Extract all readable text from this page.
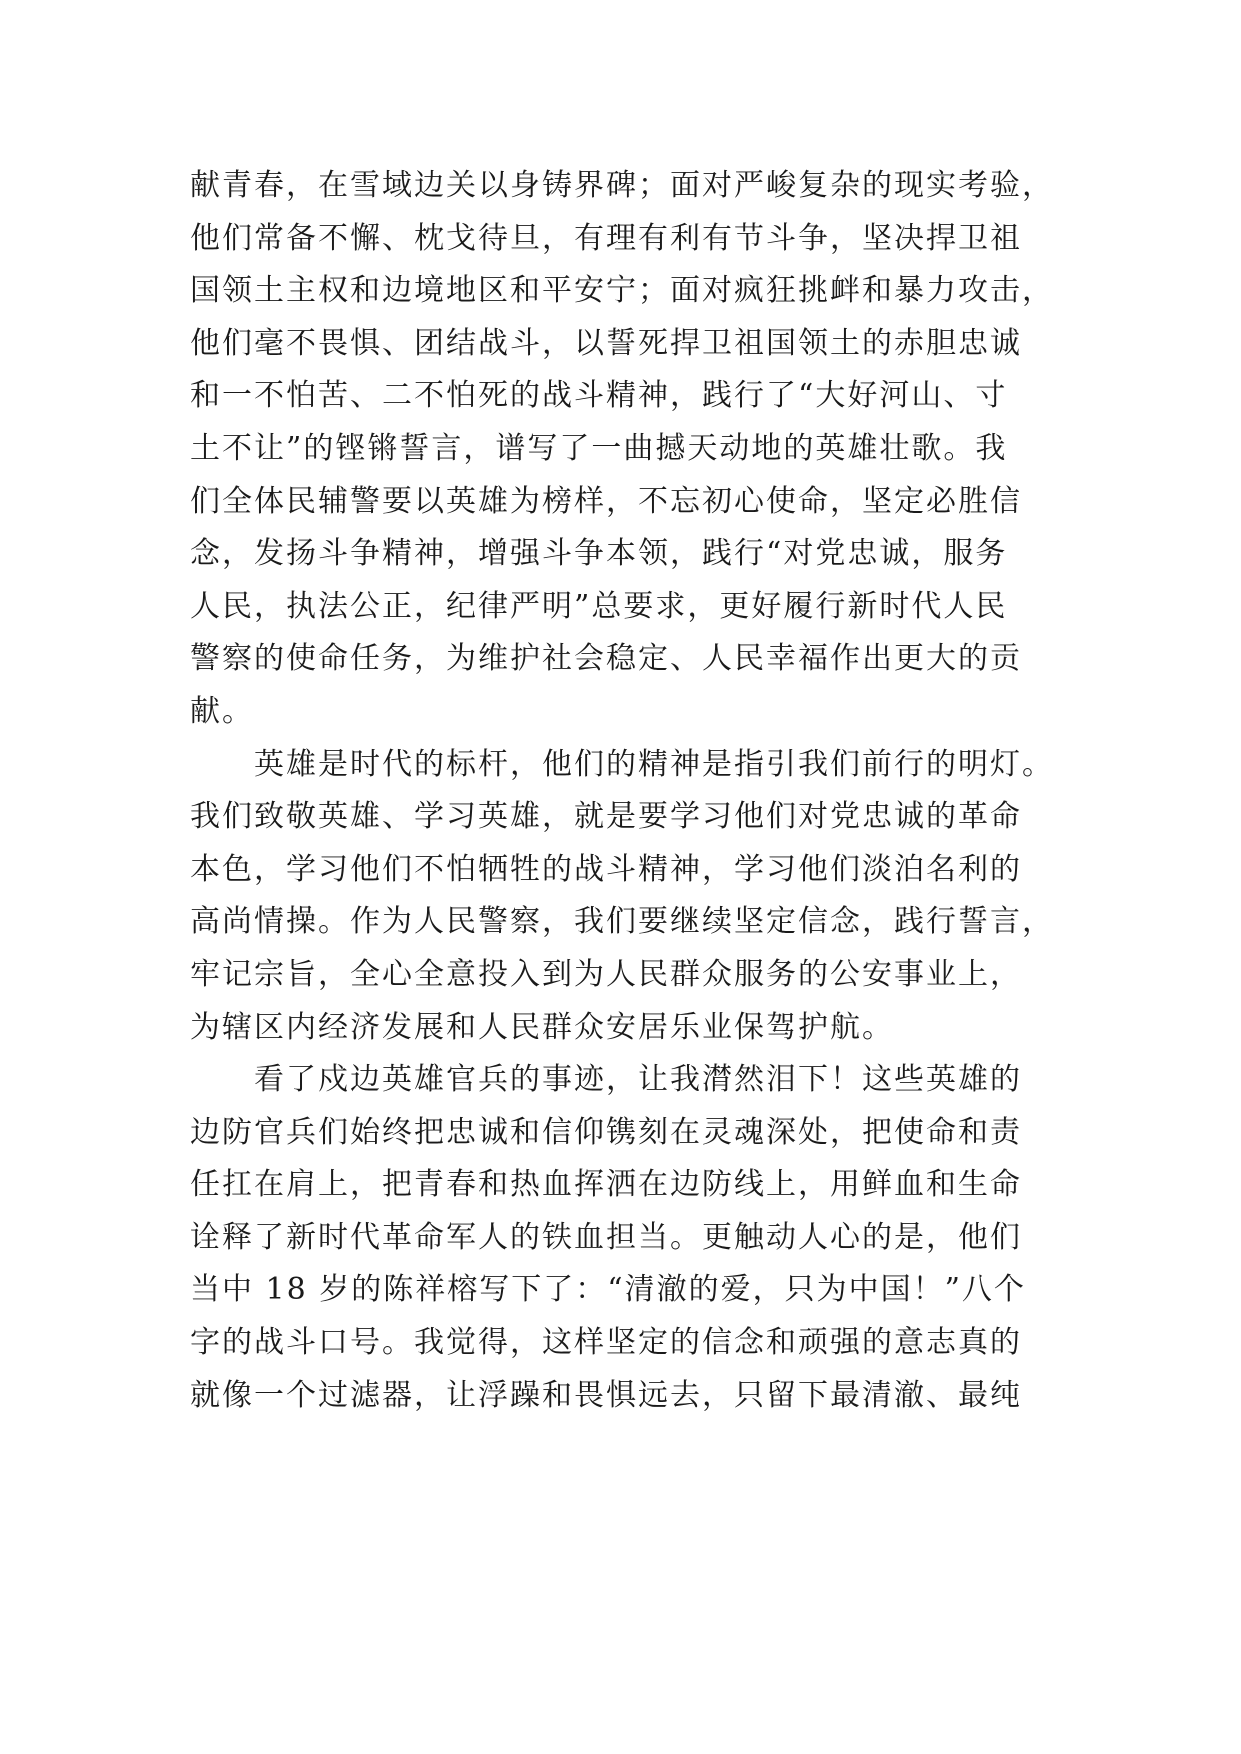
献青春，在雪域边关以身铸界碑；面对严峻复杂的现实考验，
他们常备不懈、枕戈待旦，有理有利有节斗争，坚决捍卫祖
国领土主权和边境地区和平安宁；面对疯狂挑衅和暴力攻击，
他们毫不畏惧、团结战斗，以誓死捍卫祖国领土的赤胆忠诚
和一不怕苦、二不怕死的战斗精神，践行了“大好河山、寸
土不让”的铿锵誓言，谱写了一曲撼天动地的英雄壮歌。我
们全体民辅警要以英雄为榜样，不忘初心使命，坚定必胜信
念，发扬斗争精神，增强斗争本领，践行“对党忠诚，服务
人民，执法公正，纪律严明”总要求，更好履行新时代人民
警察的使命任务，为维护社会稳定、人民幸福作出更大的贡
献。
　　英雄是时代的标杆，他们的精神是指引我们前行的明灯。
我们致敬英雄、学习英雄，就是要学习他们对党忠诚的革命
本色，学习他们不怕牺牲的战斗精神，学习他们淡泊名利的
高尚情操。作为人民警察，我们要继续坚定信念，践行誓言，
牢记宗旨，全心全意投入到为人民群众服务的公安事业上，
为辖区内经济发展和人民群众安居乐业保驾护航。
　　看了戍边英雄官兵的事迹，让我潸然泪下！这些英雄的
边防官兵们始终把忠诚和信仰镌刻在灵魂深处，把使命和责
任扛在肩上，把青春和热血挥洒在边防线上，用鲜血和生命
诠释了新时代革命军人的铁血担当。更触动人心的是，他们
当中 18 岁的陈祥榕写下了：“清澈的爱，只为中国！”八个
字的战斗口号。我觉得，这样坚定的信念和顽强的意志真的
就像一个过滤器，让浮躁和畏惧远去，只留下最清澈、最纯
